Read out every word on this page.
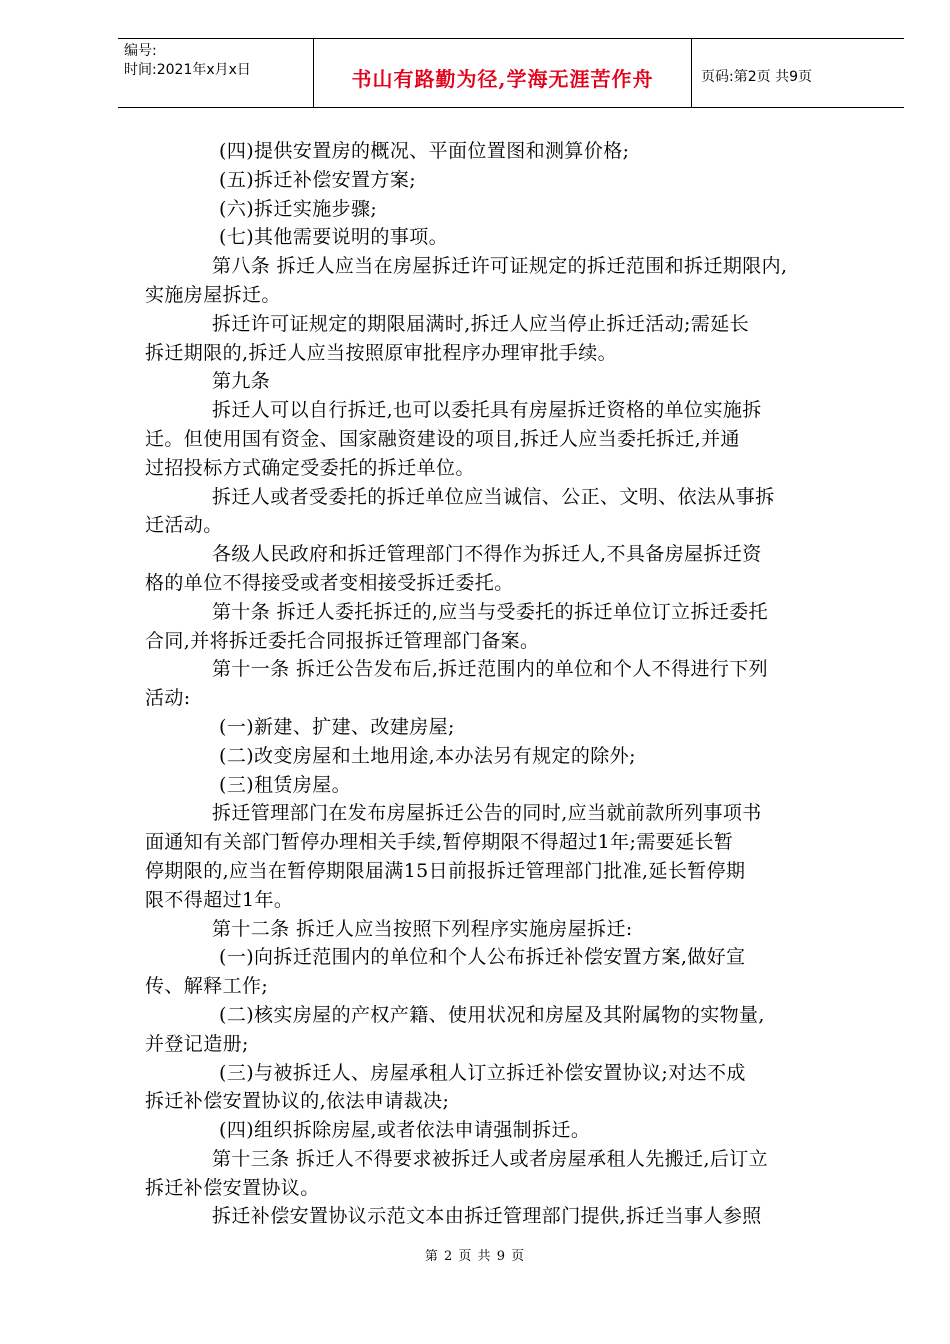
编号:
时间:2021年x月x日	书山有路勤为径,学海无涯苦作舟	页码:第2页 共9页
(四)提供安置房的概况、平面位置图和测算价格;
(五)拆迁补偿安置方案;
(六)拆迁实施步骤;
(七)其他需要说明的事项。
第八条 拆迁人应当在房屋拆迁许可证规定的拆迁范围和拆迁期限内,
实施房屋拆迁。
拆迁许可证规定的期限届满时,拆迁人应当停止拆迁活动;需延长
拆迁期限的,拆迁人应当按照原审批程序办理审批手续。
第九条
拆迁人可以自行拆迁,也可以委托具有房屋拆迁资格的单位实施拆
迁。但使用国有资金、国家融资建设的项目,拆迁人应当委托拆迁,并通
过招投标方式确定受委托的拆迁单位。
拆迁人或者受委托的拆迁单位应当诚信、公正、文明、依法从事拆
迁活动。
各级人民政府和拆迁管理部门不得作为拆迁人,不具备房屋拆迁资
格的单位不得接受或者变相接受拆迁委托。
第十条 拆迁人委托拆迁的,应当与受委托的拆迁单位订立拆迁委托
合同,并将拆迁委托合同报拆迁管理部门备案。
第十一条 拆迁公告发布后,拆迁范围内的单位和个人不得进行下列
活动:
(一)新建、扩建、改建房屋;
(二)改变房屋和土地用途,本办法另有规定的除外;
(三)租赁房屋。
拆迁管理部门在发布房屋拆迁公告的同时,应当就前款所列事项书
面通知有关部门暂停办理相关手续,暂停期限不得超过1年;需要延长暂
停期限的,应当在暂停期限届满15日前报拆迁管理部门批准,延长暂停期
限不得超过1年。
第十二条 拆迁人应当按照下列程序实施房屋拆迁:
(一)向拆迁范围内的单位和个人公布拆迁补偿安置方案,做好宣
传、解释工作;
(二)核实房屋的产权产籍、使用状况和房屋及其附属物的实物量,
并登记造册;
(三)与被拆迁人、房屋承租人订立拆迁补偿安置协议;对达不成
拆迁补偿安置协议的,依法申请裁决;
(四)组织拆除房屋,或者依法申请强制拆迁。
第十三条 拆迁人不得要求被拆迁人或者房屋承租人先搬迁,后订立
拆迁补偿安置协议。
拆迁补偿安置协议示范文本由拆迁管理部门提供,拆迁当事人参照
第 2 页 共 9 页
